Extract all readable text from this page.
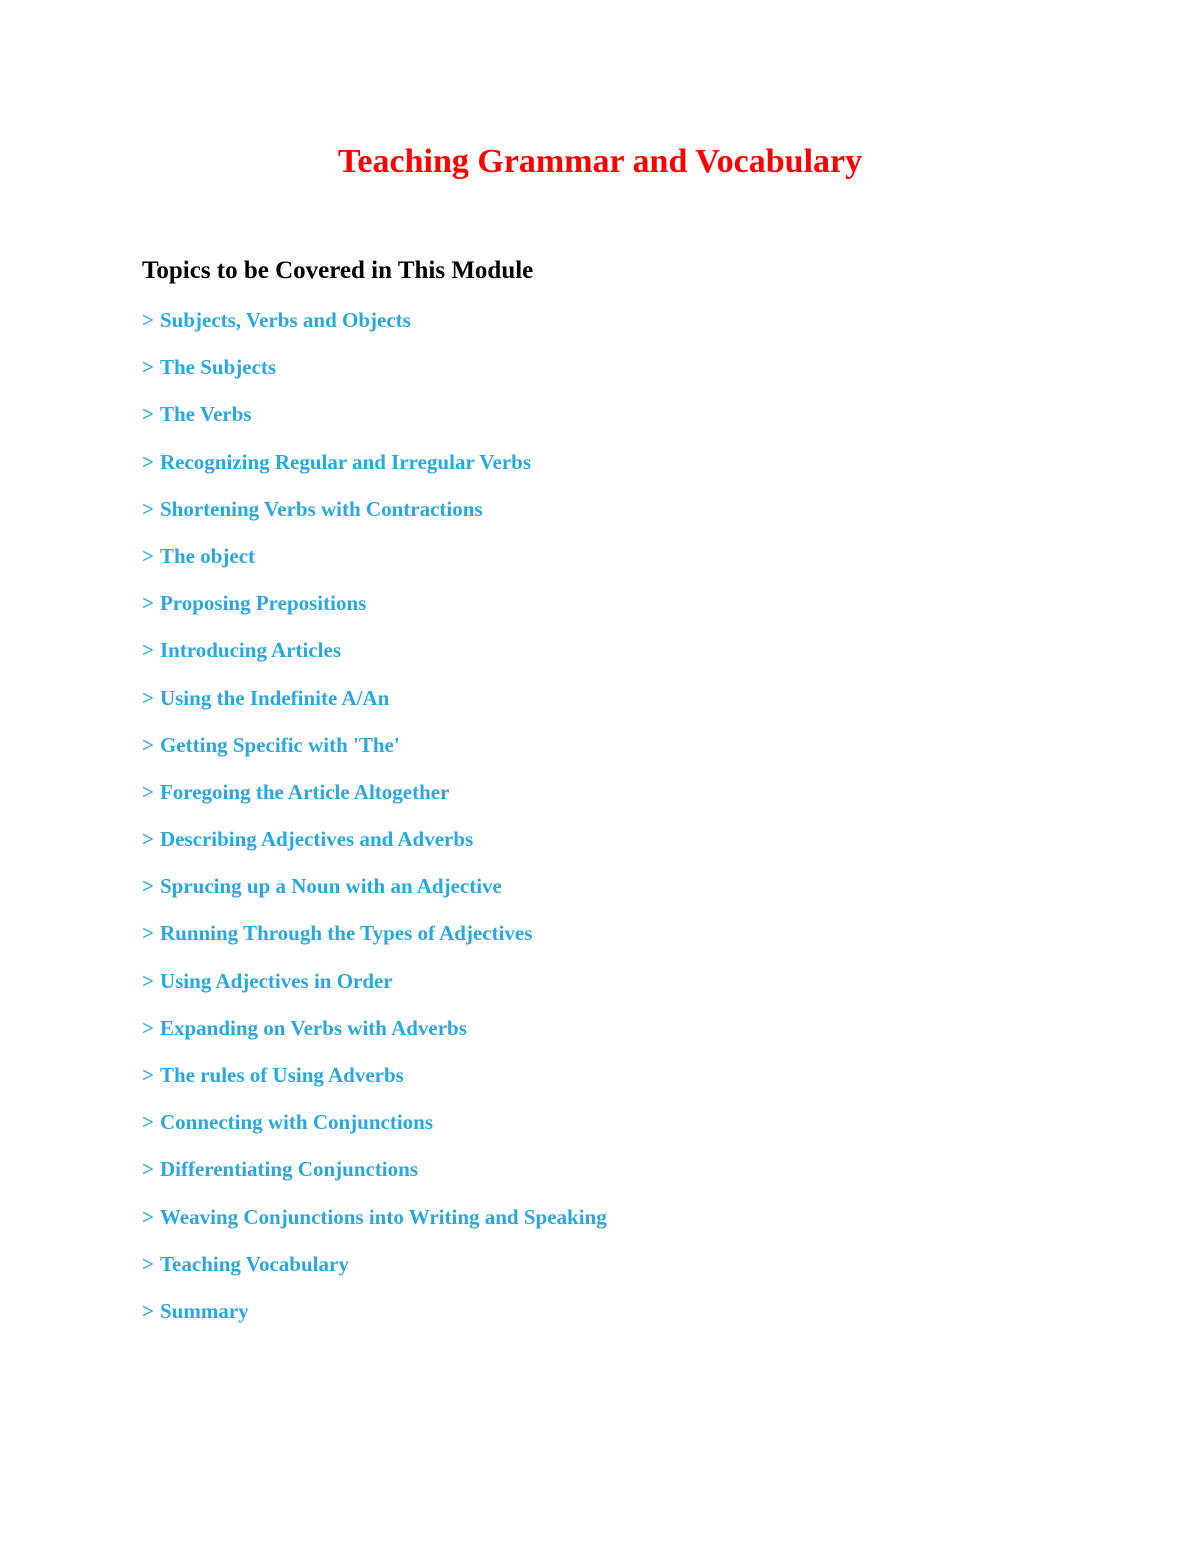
Teaching Grammar and Vocabulary
Topics to be Covered in This Module
> Subjects, Verbs and Objects
> The Subjects
> The Verbs
> Recognizing Regular and Irregular Verbs
> Shortening Verbs with Contractions
> The object
> Proposing Prepositions
> Introducing Articles
> Using the Indefinite A/An
> Getting Specific with 'The'
> Foregoing the Article Altogether
> Describing Adjectives and Adverbs
> Sprucing up a Noun with an Adjective
> Running Through the Types of Adjectives
> Using Adjectives in Order
> Expanding on Verbs with Adverbs
> The rules of Using Adverbs
> Connecting with Conjunctions
> Differentiating Conjunctions
> Weaving Conjunctions into Writing and Speaking
> Teaching Vocabulary
> Summary
